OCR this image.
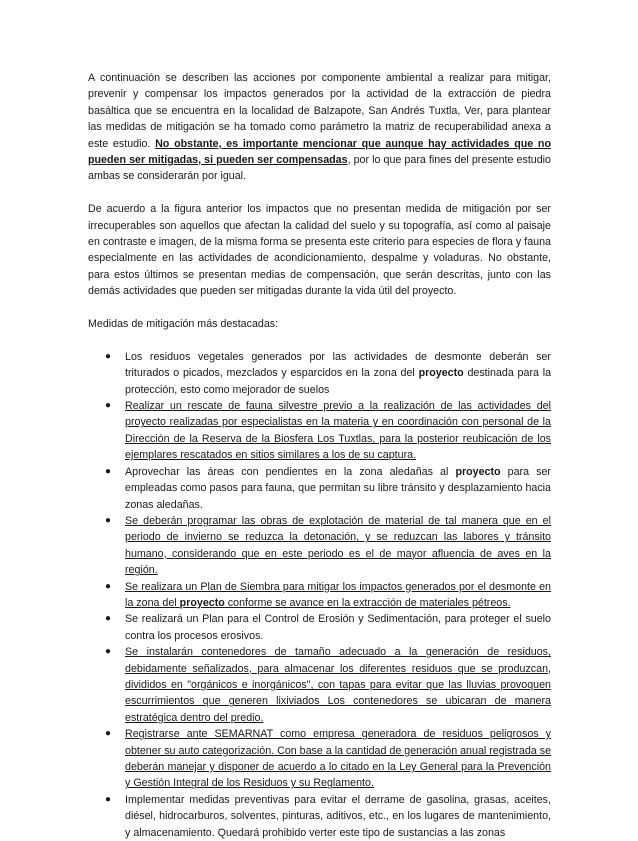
A continuación se describen las acciones por componente ambiental a realizar para mitigar, prevenir y compensar los impactos generados por la actividad de la extracción de piedra basáltica que se encuentra en la localidad de Balzapote, San Andrés Tuxtla, Ver, para plantear las medidas de mitigación se ha tomado como parámetro la matriz de recuperabilidad anexa a este estudio. No obstante, es importante mencionar que aunque hay actividades que no pueden ser mitigadas, si pueden ser compensadas, por lo que para fines del presente estudio ambas se considerarán por igual.

De acuerdo a la figura anterior los impactos que no presentan medida de mitigación por ser irrecuperables son aquellos que afectan la calidad del suelo y su topografía, así como al paisaje en contraste e imagen, de la misma forma se presenta este criterio para especies de flora y fauna especialmente en las actividades de acondicionamiento, despalme y voladuras. No obstante, para estos últimos se presentan medias de compensación, que serán descritas, junto con las demás actividades que pueden ser mitigadas durante la vida útil del proyecto.

Medidas de mitigación más destacadas:

● Los residuos vegetales generados por las actividades de desmonte deberán ser triturados o picados, mezclados y esparcidos en la zona del proyecto destinada para la protección, esto como mejorador de suelos
● Realizar un rescate de fauna silvestre previo a la realización de las actividades del proyecto realizadas por especialistas en la materia y en coordinación con personal de la Dirección de la Reserva de la Biosfera Los Tuxtlas, para la posterior reubicación de los ejemplares rescatados en sitios similares a los de su captura.
● Aprovechar las áreas con pendientes en la zona aledañas al proyecto para ser empleadas como pasos para fauna, que permitan su libre tránsito y desplazamiento hacia zonas aledañas.
● Se deberán programar las obras de explotación de material de tal manera que en el periodo de invierno se reduzca la detonación, y se reduzcan las labores y tránsito humano, considerando que en este periodo es el de mayor afluencia de aves en la región.
● Se realizara un Plan de Siembra para mitigar los impactos generados por el desmonte en la zona del proyecto conforme se avance en la extracción de materiales pétreos.
● Se realizará un Plan para el Control de Erosión y Sedimentación, para proteger el suelo contra los procesos erosivos.
● Se instalarán contenedores de tamaño adecuado a la generación de residuos, debidamente señalizados, para almacenar los diferentes residuos que se produzcan, divididos en "orgánicos e inorgánicos", con tapas para evitar que las lluvias provoquen escurrimientos que generen lixiviados Los contenedores se ubicaran de manera estratégica dentro del predio.
● Registrarse ante SEMARNAT como empresa generadora de residuos peligrosos y obtener su auto categorización. Con base a la cantidad de generación anual registrada se deberán manejar y disponer de acuerdo a lo citado en la Ley General para la Prevención y Gestión Integral de los Residuos y su Reglamento.
● Implementar medidas preventivas para evitar el derrame de gasolina, grasas, aceites, diésel, hidrocarburos, solventes, pinturas, aditivos, etc., en los lugares de mantenimiento, y almacenamiento. Quedará prohibido verter este tipo de sustancias a las zonas
